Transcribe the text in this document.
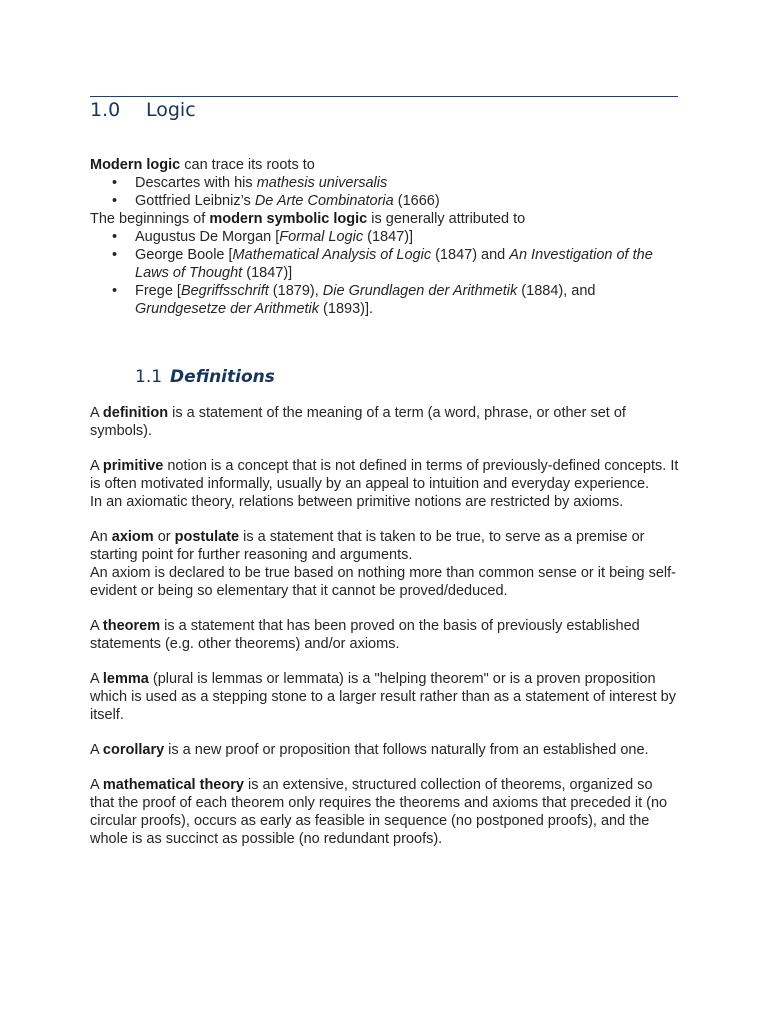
1.0 Logic

Modern logic can trace its roots to

• Descartes with his mathesis universalis
• Gottfried Leibniz’s De Arte Combinatoria (1666)

The beginnings of modern symbolic logic is generally attributed to

• Augustus De Morgan [Formal Logic (1847)]
• George Boole [Mathematical Analysis of Logic (1847) and An Investigation of the Laws of Thought (1847)]
• Frege [Begriffsschrift (1879), Die Grundlagen der Arithmetik (1884), and Grundgesetze der Arithmetik (1893)].
1.1 Definitions

A definition is a statement of the meaning of a term (a word, phrase, or other set of symbols).

A primitive notion is a concept that is not defined in terms of previously-defined concepts. It is often motivated informally, usually by an appeal to intuition and everyday experience.
In an axiomatic theory, relations between primitive notions are restricted by axioms.

An axiom or postulate is a statement that is taken to be true, to serve as a premise or starting point for further reasoning and arguments.
An axiom is declared to be true based on nothing more than common sense or it being self-evident or being so elementary that it cannot be proved/deduced.

A theorem is a statement that has been proved on the basis of previously established statements (e.g. other theorems) and/or axioms.

A lemma (plural is lemmas or lemmata) is a "helping theorem" or is a proven proposition which is used as a stepping stone to a larger result rather than as a statement of interest by itself.

A corollary is a new proof or proposition that follows naturally from an established one.

A mathematical theory is an extensive, structured collection of theorems, organized so that the proof of each theorem only requires the theorems and axioms that preceded it (no circular proofs), occurs as early as feasible in sequence (no postponed proofs), and the whole is as succinct as possible (no redundant proofs).
